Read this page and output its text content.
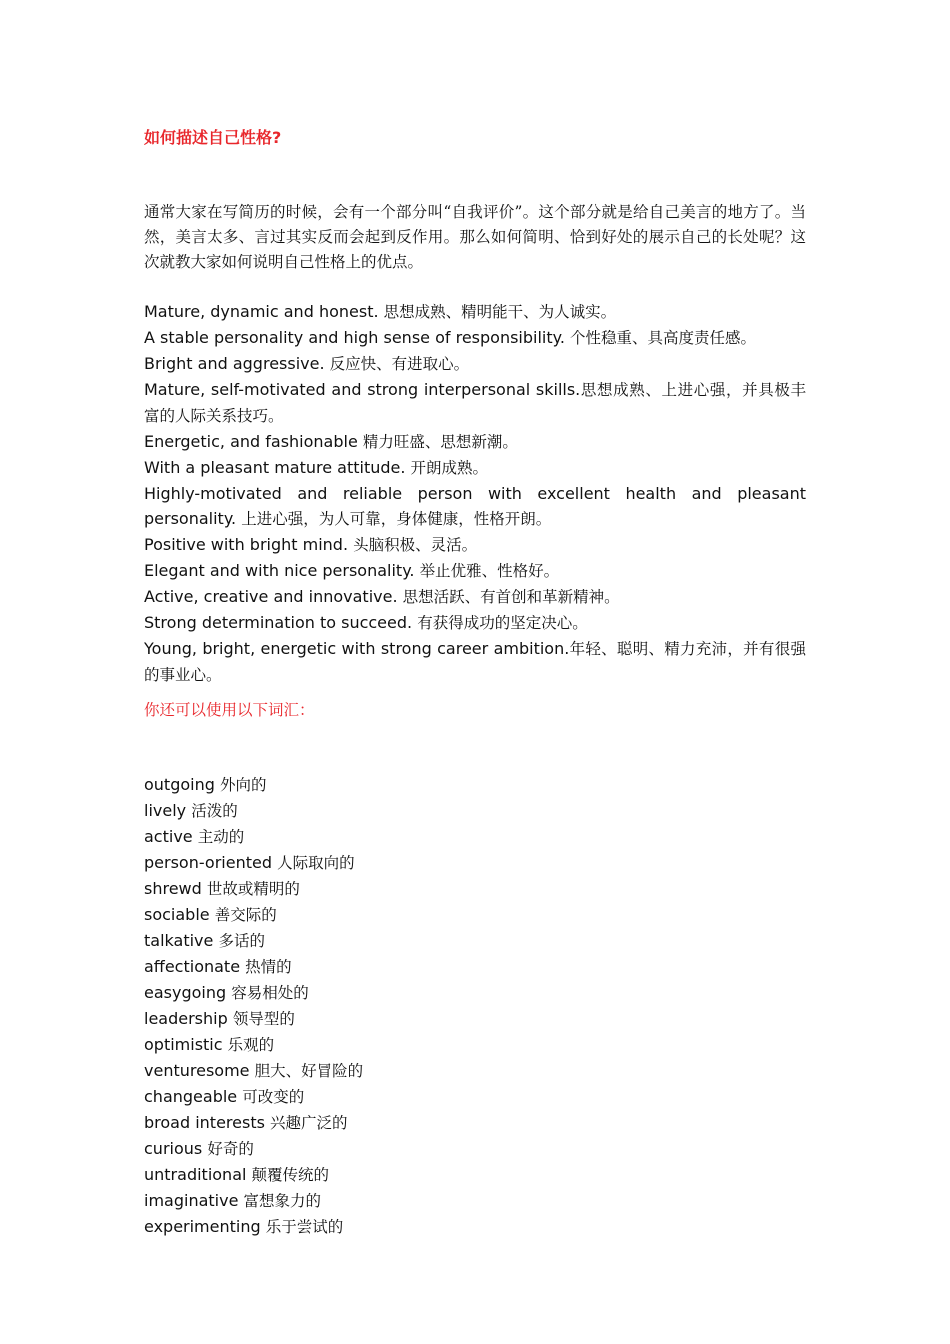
如何描述自己性格?

通常大家在写简历的时候，会有一个部分叫“自我评价”。这个部分就是给自己美言的地方了。当然，美言太多、言过其实反而会起到反作用。那么如何简明、恰到好处的展示自己的长处呢？这次就教大家如何说明自己性格上的优点。

Mature, dynamic and honest. 思想成熟、精明能干、为人诚实。
A stable personality and high sense of responsibility. 个性稳重、具高度责任感。
Bright and aggressive. 反应快、有进取心。
Mature, self-motivated and strong interpersonal skills.思想成熟、上进心强，并具极丰富的人际关系技巧。
Energetic, and fashionable 精力旺盛、思想新潮。
With a pleasant mature attitude. 开朗成熟。
Highly-motivated and reliable person with excellent health and pleasant personality. 上进心强，为人可靠，身体健康，性格开朗。
Positive with bright mind. 头脑积极、灵活。
Elegant and with nice personality. 举止优雅、性格好。
Active, creative and innovative. 思想活跃、有首创和革新精神。
Strong determination to succeed. 有获得成功的坚定决心。
Young, bright, energetic with strong career ambition.年轻、聪明、精力充沛，并有很强的事业心。
你还可以使用以下词汇：
outgoing 外向的
lively 活泼的
active 主动的
person-oriented 人际取向的
shrewd 世故或精明的
sociable 善交际的
talkative 多话的
affectionate 热情的
easygoing 容易相处的
leadership 领导型的
optimistic 乐观的
venturesome 胆大、好冒险的
changeable 可改变的
broad interests 兴趣广泛的
curious 好奇的
untraditional 颠覆传统的
imaginative 富想象力的
experimenting 乐于尝试的
